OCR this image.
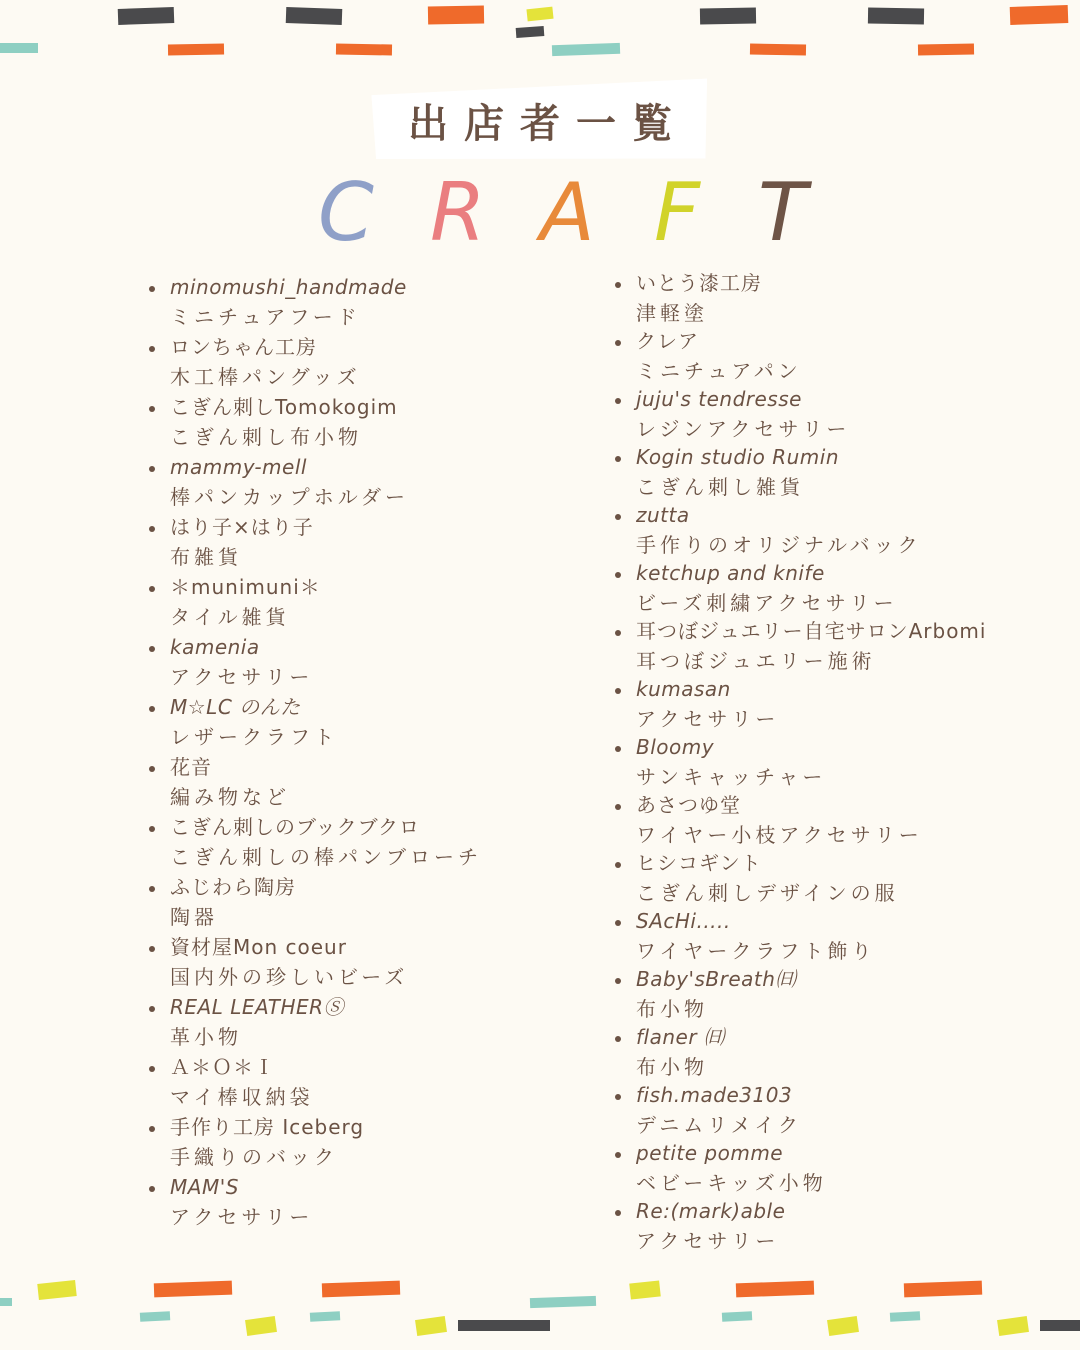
出店者一覧
C R A F T
minomushi_handmade
ミニチュアフード
ロンちゃん工房
木工棒パングッズ
こぎん刺しTomokogim
こぎん刺し布小物
mammy-mell
棒パンカップホルダー
はり子×はり子
布雑貨
＊munimuni＊
タイル雑貨
kamenia
アクセサリー
M☆LC のんた
レザークラフト
花音
編み物など
こぎん刺しのブックブクロ
こぎん刺しの棒パンブローチ
ふじわら陶房
陶器
資材屋Mon coeur
国内外の珍しいビーズ
REAL LEATHERⓈ
革小物
Ａ＊Ｏ＊Ｉ
マイ棒収納袋
手作り工房 Iceberg
手織りのバック
MAM'S
アクセサリー
いとう漆工房
津軽塗
クレア
ミニチュアパン
juju's tendresse
レジンアクセサリー
Kogin studio Rumin
こぎん刺し雑貨
zutta
手作りのオリジナルバック
ketchup and knife
ビーズ刺繍アクセサリー
耳つぼジュエリー自宅サロンArbomi
耳つぼジュエリー施術
kumasan
アクセサリー
Bloomy
サンキャッチャー
あさつゆ堂
ワイヤー小枝アクセサリー
ヒシコギント
こぎん刺しデザインの服
SAcHi.....
ワイヤークラフト飾り
Baby'sBreath㈰
布小物
flaner ㈰
布小物
fish.made3103
デニムリメイク
petite pomme
ベビーキッズ小物
Re:(mark)able
アクセサリー
